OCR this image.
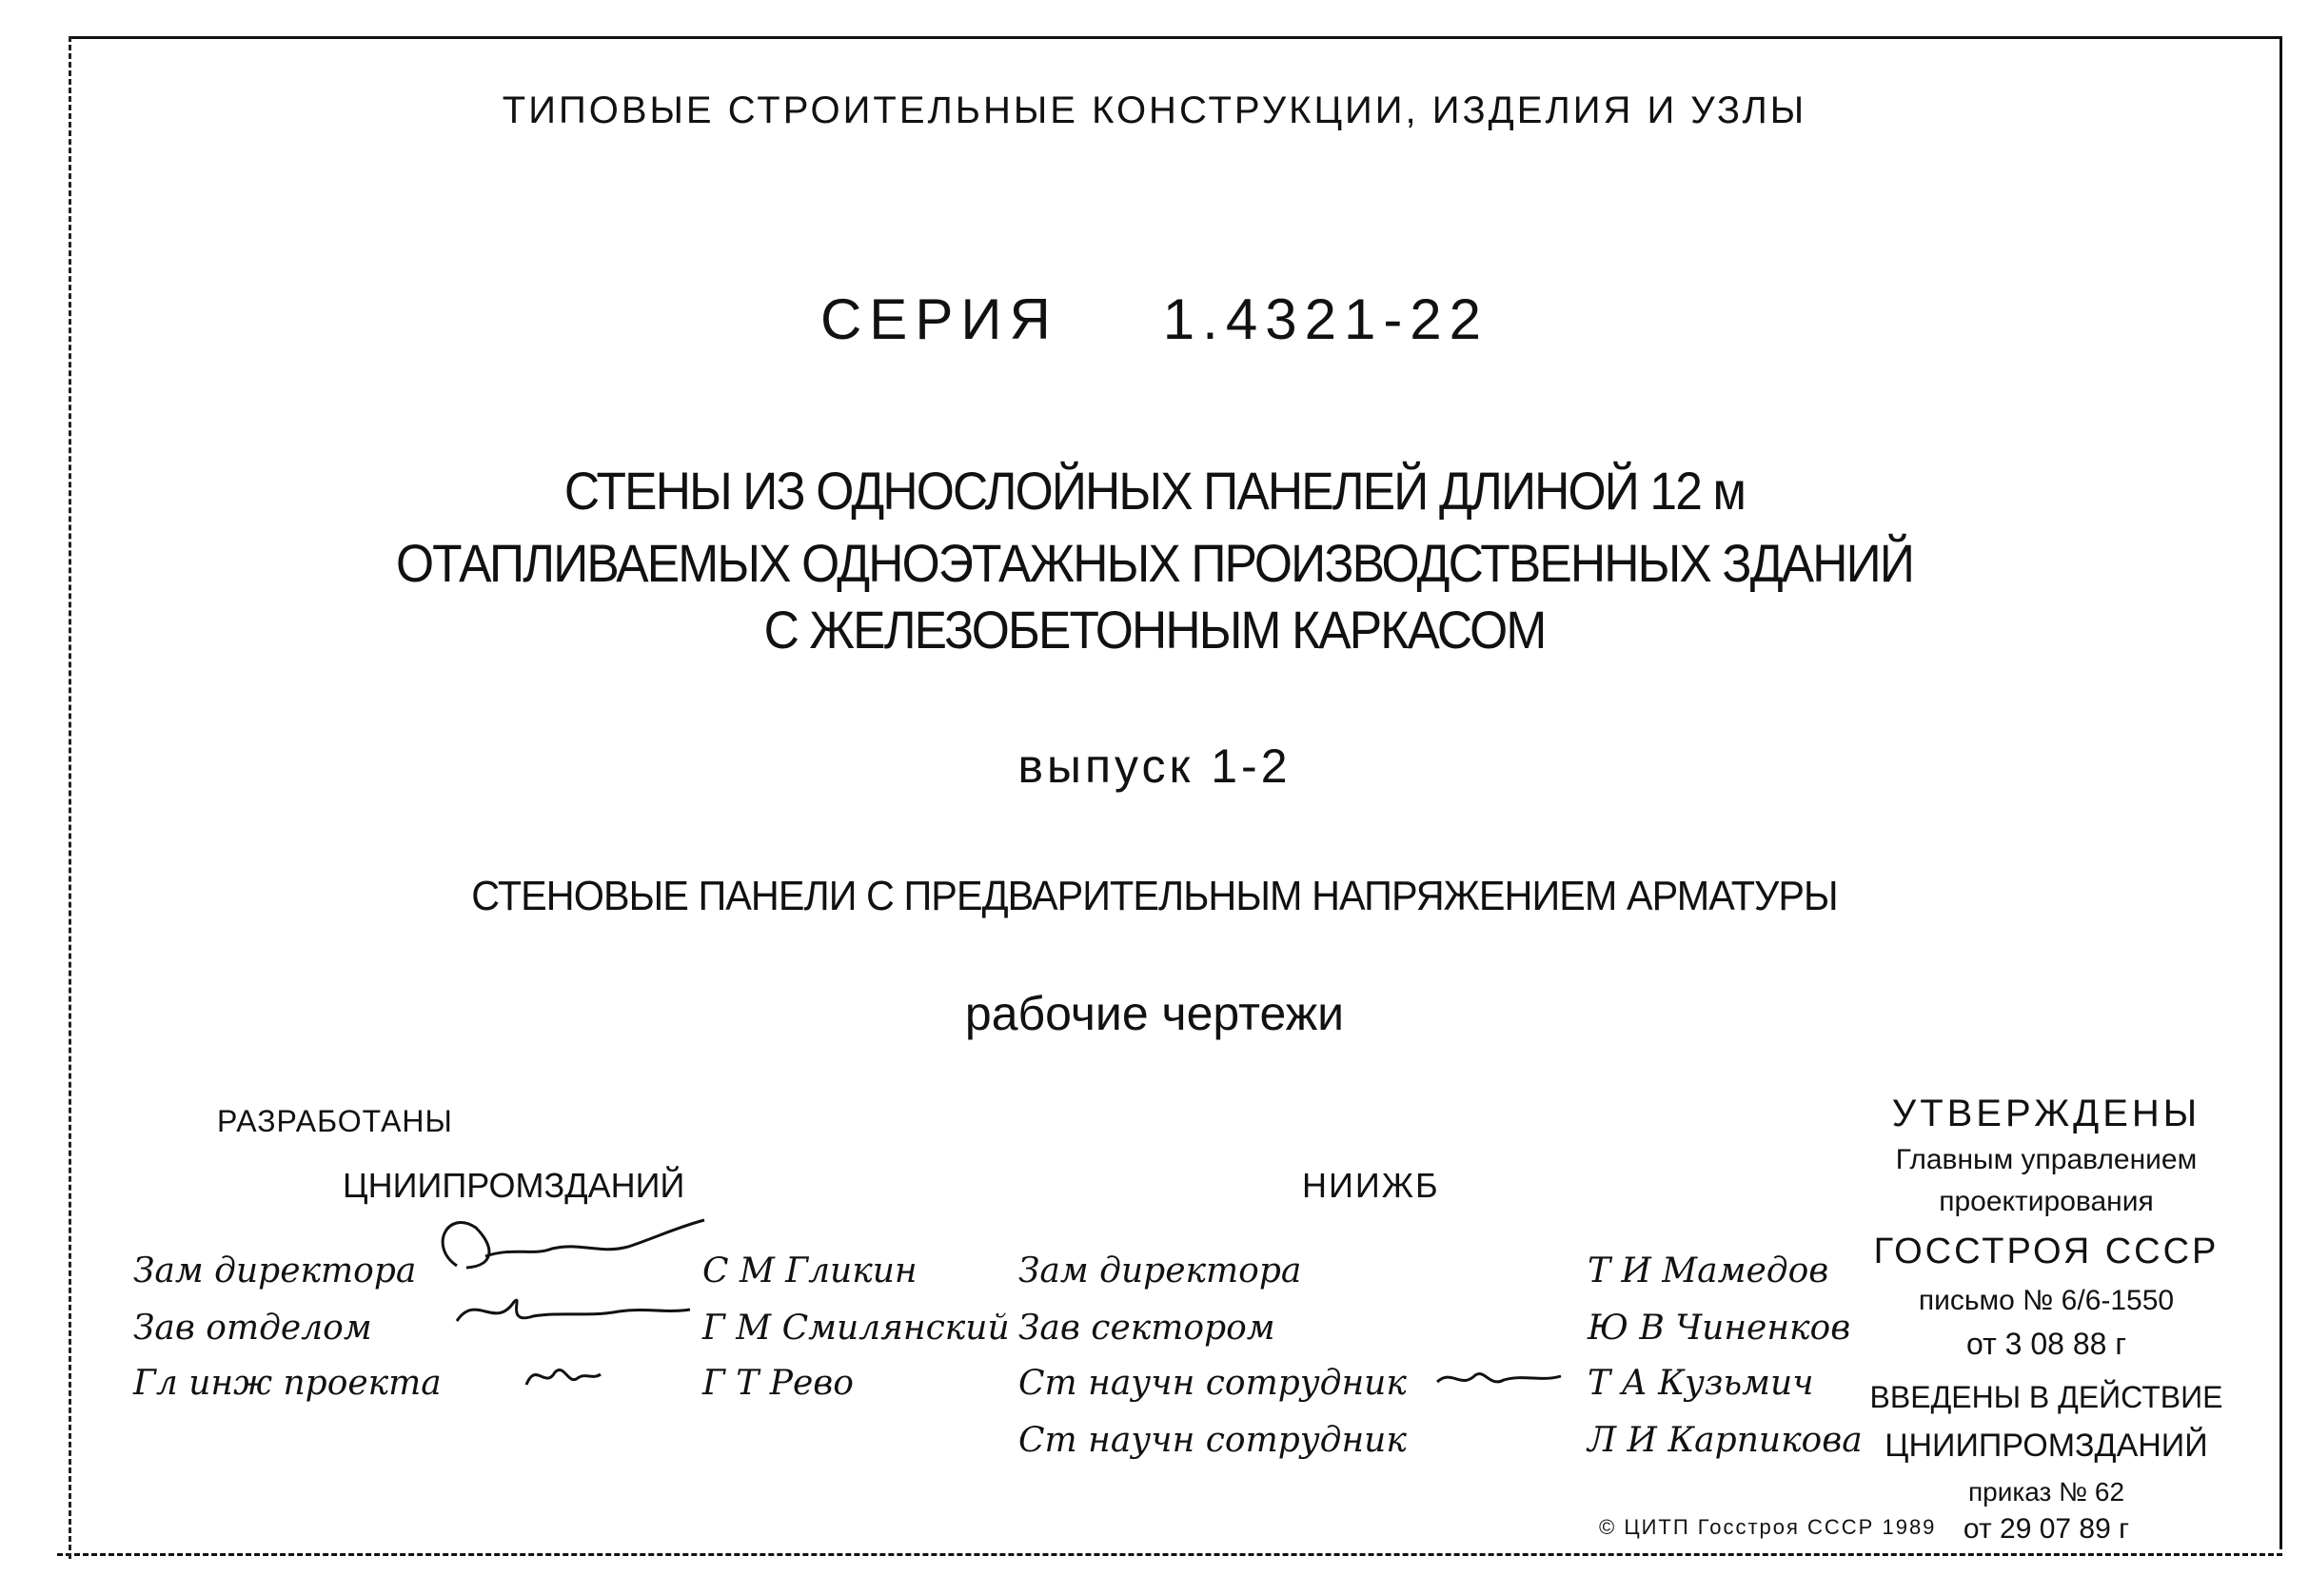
ТИПОВЫЕ СТРОИТЕЛЬНЫЕ КОНСТРУКЦИИ, ИЗДЕЛИЯ И УЗЛЫ
СЕРИЯ 1.4321-22
СТЕНЫ ИЗ ОДНОСЛОЙНЫХ ПАНЕЛЕЙ ДЛИНОЙ 12 м
ОТАПЛИВАЕМЫХ ОДНОЭТАЖНЫХ ПРОИЗВОДСТВЕННЫХ ЗДАНИЙ
С ЖЕЛЕЗОБЕТОННЫМ КАРКАСОМ
выпуск 1-2
СТЕНОВЫЕ ПАНЕЛИ С ПРЕДВАРИТЕЛЬНЫМ НАПРЯЖЕНИЕМ АРМАТУРЫ
рабочие чертежи
РАЗРАБОТАНЫ
ЦНИИПРОМЗДАНИЙ	НИИЖБ
Зам директора	С М Гликин
Зав отделом	Г М Смилянский
Гл инж проекта	Г Т Рево
Зам директора	Т И Мамедов
Зав сектором	Ю В Чиненков
Ст научн сотрудник	Т А Кузьмич
Ст научн сотрудник	Л И Карпикова
УТВЕРЖДЕНЫ
Главным управлением
проектирования
ГОССТРОЯ СССР
письмо № 6/6-1550
от 3 08 88 г
ВВЕДЕНЫ В ДЕЙСТВИЕ
ЦНИИПРОМЗДАНИЙ
приказ № 62
от 29 07 89 г
© ЦИТП Госстроя СССР 1989
